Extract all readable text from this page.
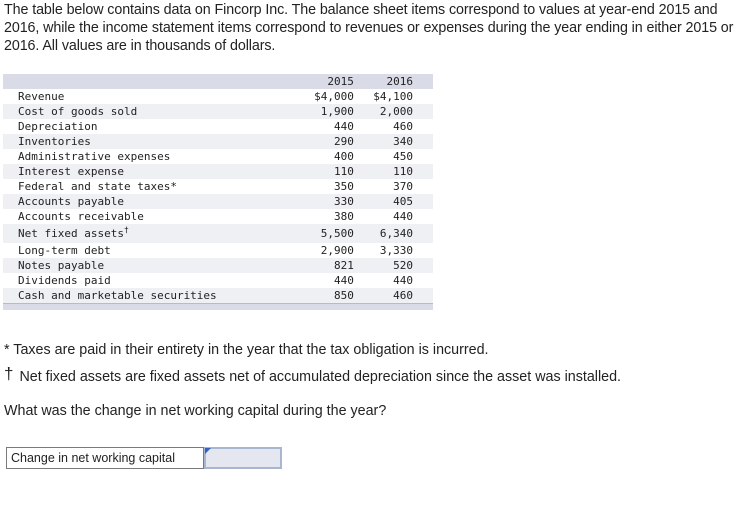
The table below contains data on Fincorp Inc. The balance sheet items correspond to values at year-end 2015 and 2016, while the income statement items correspond to revenues or expenses during the year ending in either 2015 or 2016. All values are in thousands of dollars.
	2015	2016
Revenue	$4,000	$4,100
Cost of goods sold	1,900	2,000
Depreciation	440	460
Inventories	290	340
Administrative expenses	400	450
Interest expense	110	110
Federal and state taxes*	350	370
Accounts payable	330	405
Accounts receivable	380	440
Net fixed assets†	5,500	6,340
Long-term debt	2,900	3,330
Notes payable	821	520
Dividends paid	440	440
Cash and marketable securities	850	460

* Taxes are paid in their entirety in the year that the tax obligation is incurred.
† Net fixed assets are fixed assets net of accumulated depreciation since the asset was installed.
What was the change in net working capital during the year?
Change in net working capital
